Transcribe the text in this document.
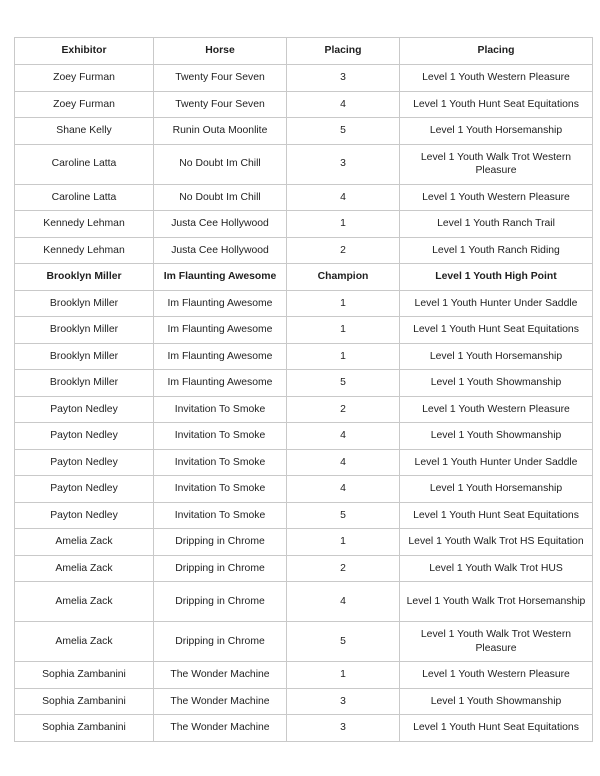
Exhibitor	Horse	Placing	Placing
Zoey Furman	Twenty Four Seven	3	Level 1 Youth Western Pleasure
Zoey Furman	Twenty Four Seven	4	Level 1 Youth Hunt Seat Equitations
Shane Kelly	Runin Outa Moonlite	5	Level 1 Youth Horsemanship
Caroline Latta	No Doubt Im Chill	3	Level 1 Youth Walk Trot Western Pleasure
Caroline Latta	No Doubt Im Chill	4	Level 1 Youth Western Pleasure
Kennedy Lehman	Justa Cee Hollywood	1	Level 1 Youth Ranch Trail
Kennedy Lehman	Justa Cee Hollywood	2	Level 1 Youth Ranch Riding
Brooklyn Miller	Im Flaunting Awesome	Champion	Level 1 Youth High Point
Brooklyn Miller	Im Flaunting Awesome	1	Level 1 Youth Hunter Under Saddle
Brooklyn Miller	Im Flaunting Awesome	1	Level 1 Youth Hunt Seat Equitations
Brooklyn Miller	Im Flaunting Awesome	1	Level 1 Youth Horsemanship
Brooklyn Miller	Im Flaunting Awesome	5	Level 1 Youth Showmanship
Payton Nedley	Invitation To Smoke	2	Level 1 Youth Western Pleasure
Payton Nedley	Invitation To Smoke	4	Level 1 Youth Showmanship
Payton Nedley	Invitation To Smoke	4	Level 1 Youth Hunter Under Saddle
Payton Nedley	Invitation To Smoke	4	Level 1 Youth Horsemanship
Payton Nedley	Invitation To Smoke	5	Level 1 Youth Hunt Seat Equitations
Amelia Zack	Dripping in Chrome	1	Level 1 Youth Walk Trot HS Equitation
Amelia Zack	Dripping in Chrome	2	Level 1 Youth Walk Trot HUS
Amelia Zack	Dripping in Chrome	4	Level 1 Youth Walk Trot Horsemanship
Amelia Zack	Dripping in Chrome	5	Level 1 Youth Walk Trot Western Pleasure
Sophia Zambanini	The Wonder Machine	1	Level 1 Youth Western Pleasure
Sophia Zambanini	The Wonder Machine	3	Level 1 Youth Showmanship
Sophia Zambanini	The Wonder Machine	3	Level 1 Youth Hunt Seat Equitations
